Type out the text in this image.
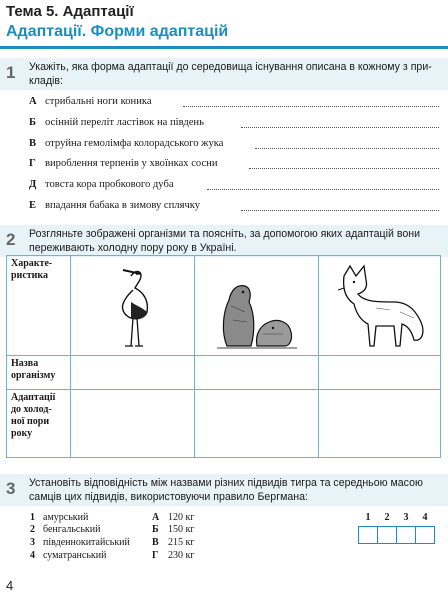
Тема 5. Адаптації
Адаптації. Форми адаптацій
1 Укажіть, яка форма адаптації до середовища існування описана в кожному з при-
кладів:
А стрибальні ноги коника
Б осінній переліт ластівок на південь
В отруйна гемолімфа колорадського жука
Г вироблення терпенів у хвоїнках сосни
Д товста кора пробкового дуба
Е впадання бабака в зимову сплячку
2 Розгляньте зображені організми та поясніть, за допомогою яких адаптацій вони
переживають холодну пору року в Україні.
Характе-
ристика

Назва
організму			

Адаптації
до холод-
ної пори
року			

3 Установіть відповідність між назвами різних підвидів тигра та середньою масою
самців цих підвидів, використовуючи правило Бергмана:
1 амурський
2 бенгальський
3 південнокитайський
4 суматранський
А 120 кг
Б 150 кг
В 215 кг
Г 230 кг
1	2	3	4
4
